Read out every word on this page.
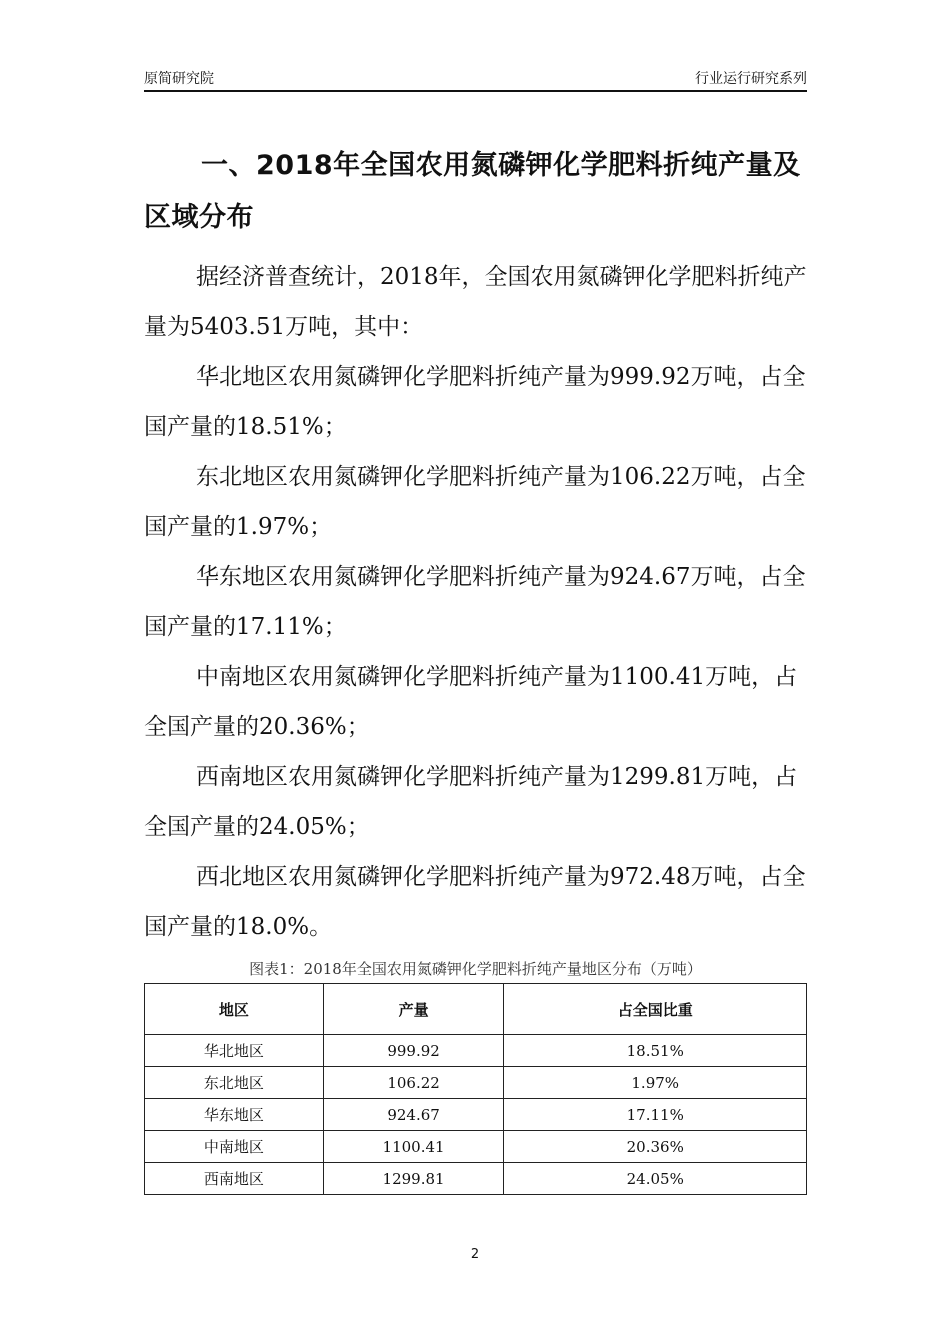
原简研究院	行业运行研究系列
一、2018年全国农用氮磷钾化学肥料折纯产量及区域分布

据经济普查统计，2018年，全国农用氮磷钾化学肥料折纯产量为5403.51万吨，其中：

华北地区农用氮磷钾化学肥料折纯产量为999.92万吨，占全国产量的18.51%；

东北地区农用氮磷钾化学肥料折纯产量为106.22万吨，占全国产量的1.97%；

华东地区农用氮磷钾化学肥料折纯产量为924.67万吨，占全国产量的17.11%；

中南地区农用氮磷钾化学肥料折纯产量为1100.41万吨，占全国产量的20.36%；

西南地区农用氮磷钾化学肥料折纯产量为1299.81万吨，占全国产量的24.05%；

西北地区农用氮磷钾化学肥料折纯产量为972.48万吨，占全国产量的18.0%。

图表1：2018年全国农用氮磷钾化学肥料折纯产量地区分布（万吨）
地区	产量	占全国比重
华北地区	999.92	18.51%
东北地区	106.22	1.97%
华东地区	924.67	17.11%
中南地区	1100.41	20.36%
西南地区	1299.81	24.05%
2
